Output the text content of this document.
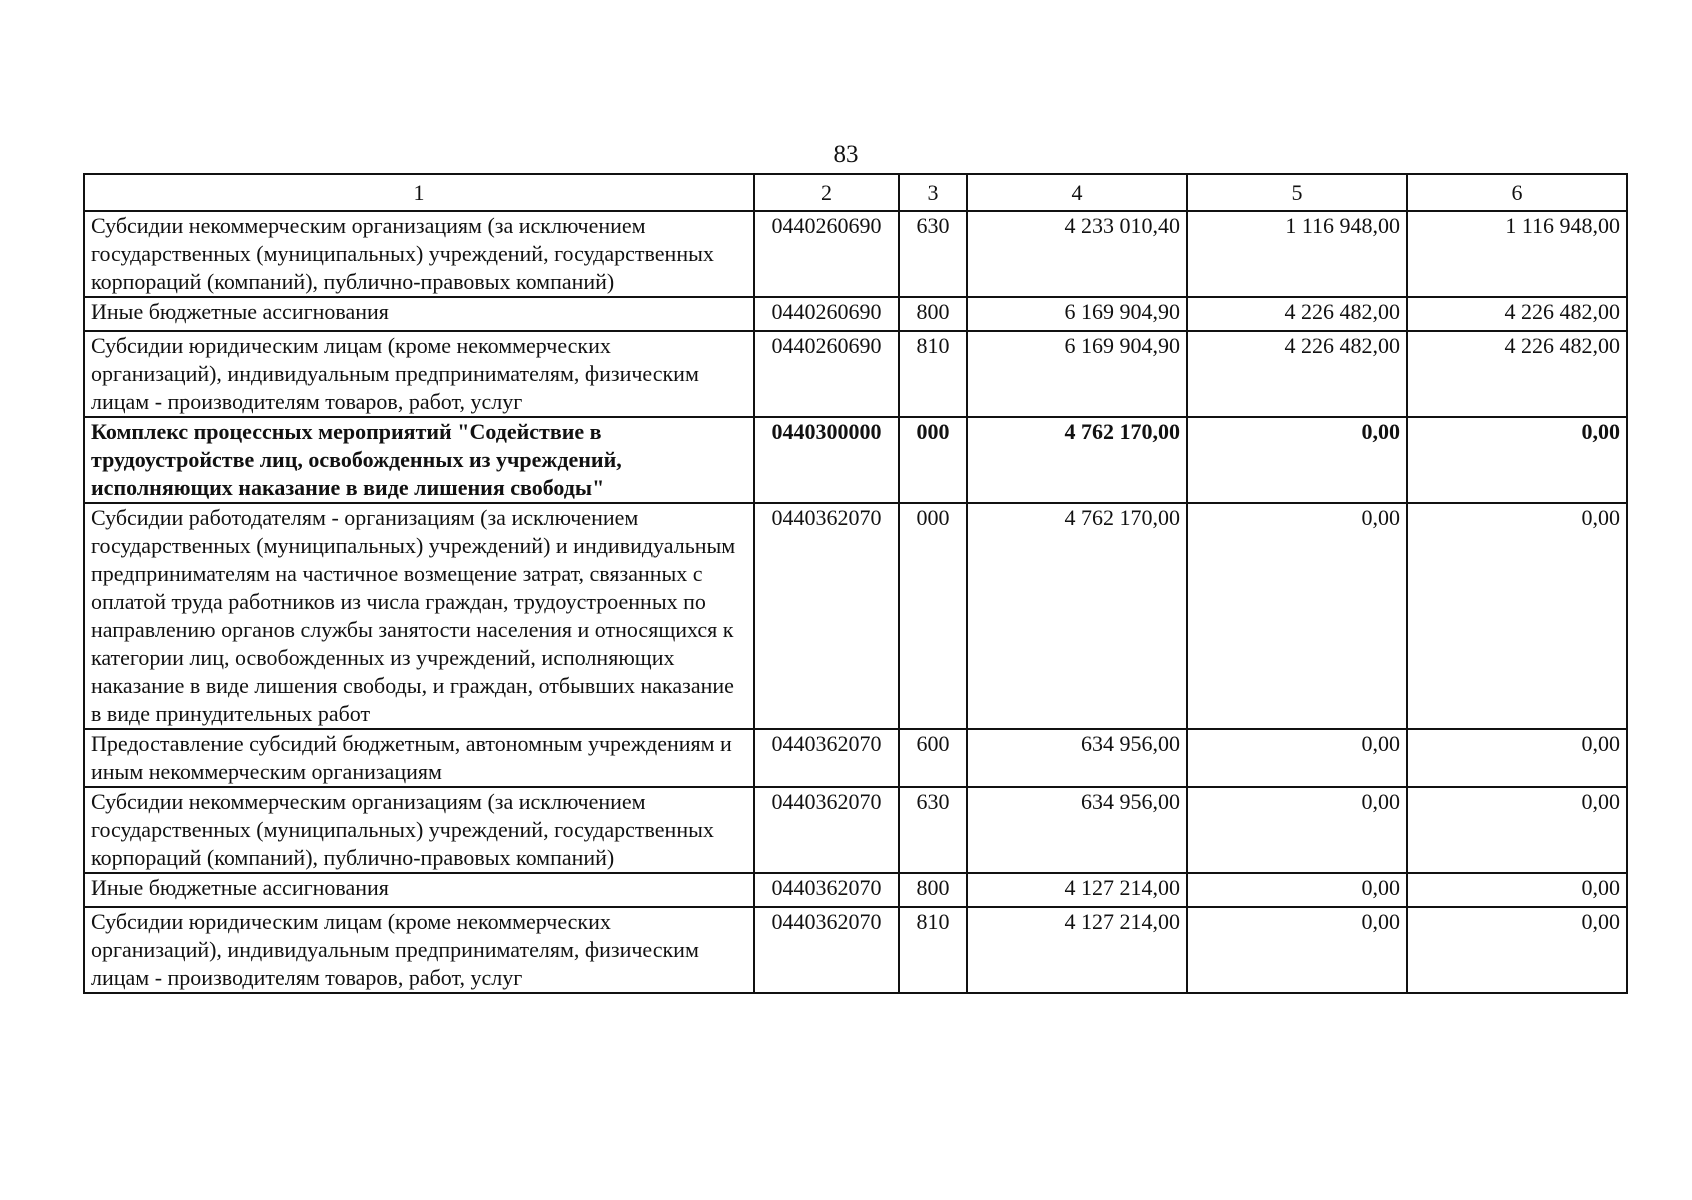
83
1	2	3	4	5	6
Субсидии некоммерческим организациям (за исключением государственных (муниципальных) учреждений, государственных корпораций (компаний), публично-правовых компаний)	0440260690	630	4 233 010,40	1 116 948,00	1 116 948,00
Иные бюджетные ассигнования	0440260690	800	6 169 904,90	4 226 482,00	4 226 482,00
Субсидии юридическим лицам (кроме некоммерческих организаций), индивидуальным предпринимателям, физическим лицам - производителям товаров, работ, услуг	0440260690	810	6 169 904,90	4 226 482,00	4 226 482,00
Комплекс процессных мероприятий "Содействие в трудоустройстве лиц, освобожденных из учреждений, исполняющих наказание в виде лишения свободы"	0440300000	000	4 762 170,00	0,00	0,00
Субсидии работодателям - организациям (за исключением государственных (муниципальных) учреждений) и индивидуальным предпринимателям на частичное возмещение затрат, связанных с оплатой труда работников из числа граждан, трудоустроенных по направлению органов службы занятости населения и относящихся к категории лиц, освобожденных из учреждений, исполняющих наказание в виде лишения свободы, и граждан, отбывших наказание в виде принудительных работ	0440362070	000	4 762 170,00	0,00	0,00
Предоставление субсидий бюджетным, автономным учреждениям и иным некоммерческим организациям	0440362070	600	634 956,00	0,00	0,00
Субсидии некоммерческим организациям (за исключением государственных (муниципальных) учреждений, государственных корпораций (компаний), публично-правовых компаний)	0440362070	630	634 956,00	0,00	0,00
Иные бюджетные ассигнования	0440362070	800	4 127 214,00	0,00	0,00
Субсидии юридическим лицам (кроме некоммерческих организаций), индивидуальным предпринимателям, физическим лицам - производителям товаров, работ, услуг	0440362070	810	4 127 214,00	0,00	0,00
